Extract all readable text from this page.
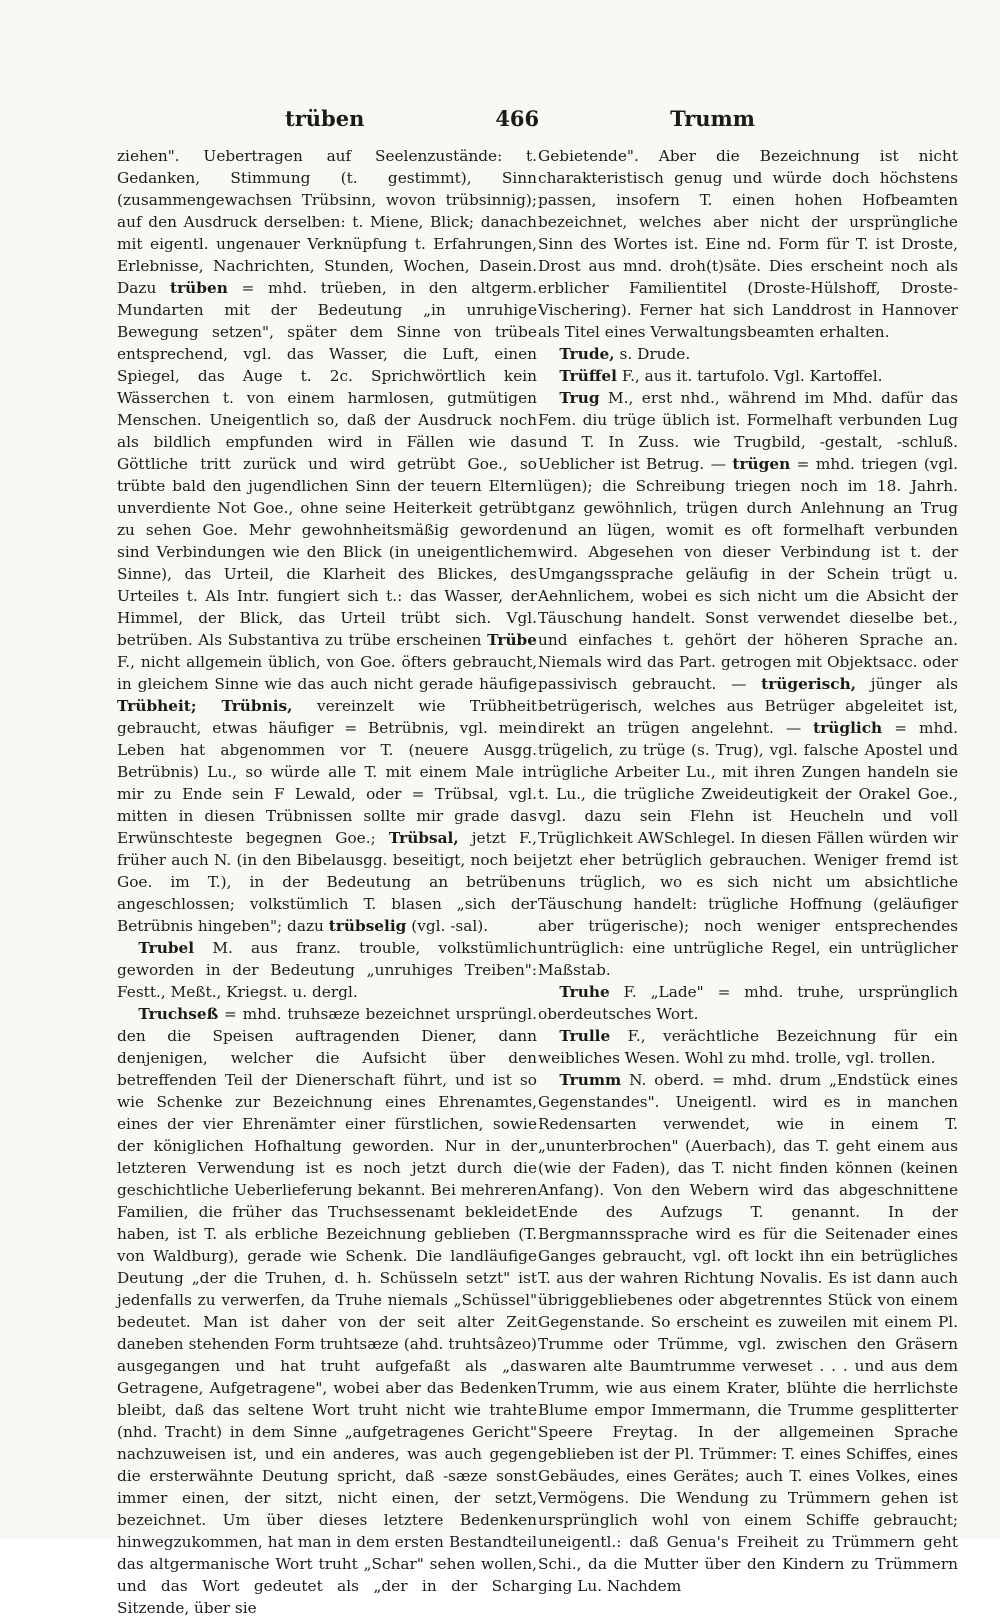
trüben	466	Trumm

ziehen". Uebertragen auf Seelenzustände: t. Gedanken, Stimmung (t. gestimmt), Sinn (zusammengewachsen Trübsinn, wovon trübsinnig); auf den Ausdruck derselben: t. Miene, Blick; danach mit eigentl. ungenauer Verknüpfung t. Erfahrungen, Erlebnisse, Nachrichten, Stunden, Wochen, Dasein. Dazu trüben = mhd. trüeben, in den altgerm. Mundarten mit der Bedeutung „in unruhige Bewegung setzen", später dem Sinne von trübe entsprechend, vgl. das Wasser, die Luft, einen Spiegel, das Auge t. 2c. Sprichwörtlich kein Wässerchen t. von einem harmlosen, gutmütigen Menschen. Uneigentlich so, daß der Ausdruck noch als bildlich empfunden wird in Fällen wie das Göttliche tritt zurück und wird getrübt Goe., so trübte bald den jugendlichen Sinn der teuern Eltern unverdiente Not Goe., ohne seine Heiterkeit getrübt zu sehen Goe. Mehr gewohnheitsmäßig geworden sind Verbindungen wie den Blick (in uneigentlichem Sinne), das Urteil, die Klarheit des Blickes, des Urteiles t. Als Intr. fungiert sich t.: das Wasser, der Himmel, der Blick, das Urteil trübt sich. Vgl. betrüben. Als Substantiva zu trübe erscheinen Trübe F., nicht allgemein üblich, von Goe. öfters gebraucht, in gleichem Sinne wie das auch nicht gerade häufige Trübheit; Trübnis, vereinzelt wie Trübheit gebraucht, etwas häufiger = Betrübnis, vgl. mein Leben hat abgenommen vor T. (neuere Ausgg. Betrübnis) Lu., so würde alle T. mit einem Male in mir zu Ende sein F Lewald, oder = Trübsal, vgl. mitten in diesen Trübnissen sollte mir grade das Erwünschteste begegnen Goe.; Trübsal, jetzt F., früher auch N. (in den Bibelausgg. beseitigt, noch bei Goe. im T.), in der Bedeutung an betrüben angeschlossen; volkstümlich T. blasen „sich der Betrübnis hingeben"; dazu trübselig (vgl. -sal).

Trubel M. aus franz. trouble, volkstümlich geworden in der Bedeutung „unruhiges Treiben": Festt., Meßt., Kriegst. u. dergl.

Truchseß = mhd. truhsæze bezeichnet ursprüngl. den die Speisen auftragenden Diener, dann denjenigen, welcher die Aufsicht über den betreffenden Teil der Dienerschaft führt, und ist so wie Schenke zur Bezeichnung eines Ehrenamtes, eines der vier Ehrenämter einer fürstlichen, sowie der königlichen Hofhaltung geworden. Nur in der letzteren Verwendung ist es noch jetzt durch die geschichtliche Ueberlieferung bekannt. Bei mehreren Familien, die früher das Truchsessenamt bekleidet haben, ist T. als erbliche Bezeichnung geblieben (T. von Waldburg), gerade wie Schenk. Die landläufige Deutung „der die Truhen, d. h. Schüsseln setzt" ist jedenfalls zu verwerfen, da Truhe niemals „Schüssel" bedeutet. Man ist daher von der seit alter Zeit daneben stehenden Form truhtsæze (ahd. truhtsâzeo) ausgegangen und hat truht aufgefaßt als „das Getragene, Aufgetragene", wobei aber das Bedenken bleibt, daß das seltene Wort truht nicht wie trahte (nhd. Tracht) in dem Sinne „aufgetragenes Gericht" nachzuweisen ist, und ein anderes, was auch gegen die ersterwähnte Deutung spricht, daß -sæze sonst immer einen, der sitzt, nicht einen, der setzt, bezeichnet. Um über dieses letztere Bedenken hinwegzukommen, hat man in dem ersten Bestandteil das altgermanische Wort truht „Schar" sehen wollen, und das Wort gedeutet als „der in der Schar Sitzende, über sie

Gebietende". Aber die Bezeichnung ist nicht charakteristisch genug und würde doch höchstens passen, insofern T. einen hohen Hofbeamten bezeichnet, welches aber nicht der ursprüngliche Sinn des Wortes ist. Eine nd. Form für T. ist Droste, Drost aus mnd. droh(t)säte. Dies erscheint noch als erblicher Familientitel (Droste-Hülshoff, Droste-Vischering). Ferner hat sich Landdrost in Hannover als Titel eines Verwaltungsbeamten erhalten.

Trude, s. Drude.

Trüffel F., aus it. tartufolo. Vgl. Kartoffel.

Trug M., erst nhd., während im Mhd. dafür das Fem. diu trüge üblich ist. Formelhaft verbunden Lug und T. In Zuss. wie Trugbild, -gestalt, -schluß. Ueblicher ist Betrug. — trügen = mhd. triegen (vgl. lügen); die Schreibung triegen noch im 18. Jahrh. ganz gewöhnlich, trügen durch Anlehnung an Trug und an lügen, womit es oft formelhaft verbunden wird. Abgesehen von dieser Verbindung ist t. der Umgangssprache geläufig in der Schein trügt u. Aehnlichem, wobei es sich nicht um die Absicht der Täuschung handelt. Sonst verwendet dieselbe bet., und einfaches t. gehört der höheren Sprache an. Niemals wird das Part. getrogen mit Objektsacc. oder passivisch gebraucht. — trügerisch, jünger als betrügerisch, welches aus Betrüger abgeleitet ist, direkt an trügen angelehnt. — trüglich = mhd. trügelich, zu trüge (s. Trug), vgl. falsche Apostel und trügliche Arbeiter Lu., mit ihren Zungen handeln sie t. Lu., die trügliche Zweideutigkeit der Orakel Goe., vgl. dazu sein Flehn ist Heucheln und voll Trüglichkeit AWSchlegel. In diesen Fällen würden wir jetzt eher betrüglich gebrauchen. Weniger fremd ist uns trüglich, wo es sich nicht um absichtliche Täuschung handelt: trügliche Hoffnung (geläufiger aber trügerische); noch weniger entsprechendes untrüglich: eine untrügliche Regel, ein untrüglicher Maßstab.

Truhe F. „Lade" = mhd. truhe, ursprünglich oberdeutsches Wort.

Trulle F., verächtliche Bezeichnung für ein weibliches Wesen. Wohl zu mhd. trolle, vgl. trollen.

Trumm N. oberd. = mhd. drum „Endstück eines Gegenstandes". Uneigentl. wird es in manchen Redensarten verwendet, wie in einem T. „ununterbrochen" (Auerbach), das T. geht einem aus (wie der Faden), das T. nicht finden können (keinen Anfang). Von den Webern wird das abgeschnittene Ende des Aufzugs T. genannt. In der Bergmannssprache wird es für die Seitenader eines Ganges gebraucht, vgl. oft lockt ihn ein betrügliches T. aus der wahren Richtung Novalis. Es ist dann auch übriggebliebenes oder abgetrenntes Stück von einem Gegenstande. So erscheint es zuweilen mit einem Pl. Trumme oder Trümme, vgl. zwischen den Gräsern waren alte Baumtrumme verweset . . . und aus dem Trumm, wie aus einem Krater, blühte die herrlichste Blume empor Immermann, die Trumme gesplitterter Speere Freytag. In der allgemeinen Sprache geblieben ist der Pl. Trümmer: T. eines Schiffes, eines Gebäudes, eines Gerätes; auch T. eines Volkes, eines Vermögens. Die Wendung zu Trümmern gehen ist ursprünglich wohl von einem Schiffe gebraucht; uneigentl.: daß Genua's Freiheit zu Trümmern geht Schi., da die Mutter über den Kindern zu Trümmern ging Lu. Nachdem
